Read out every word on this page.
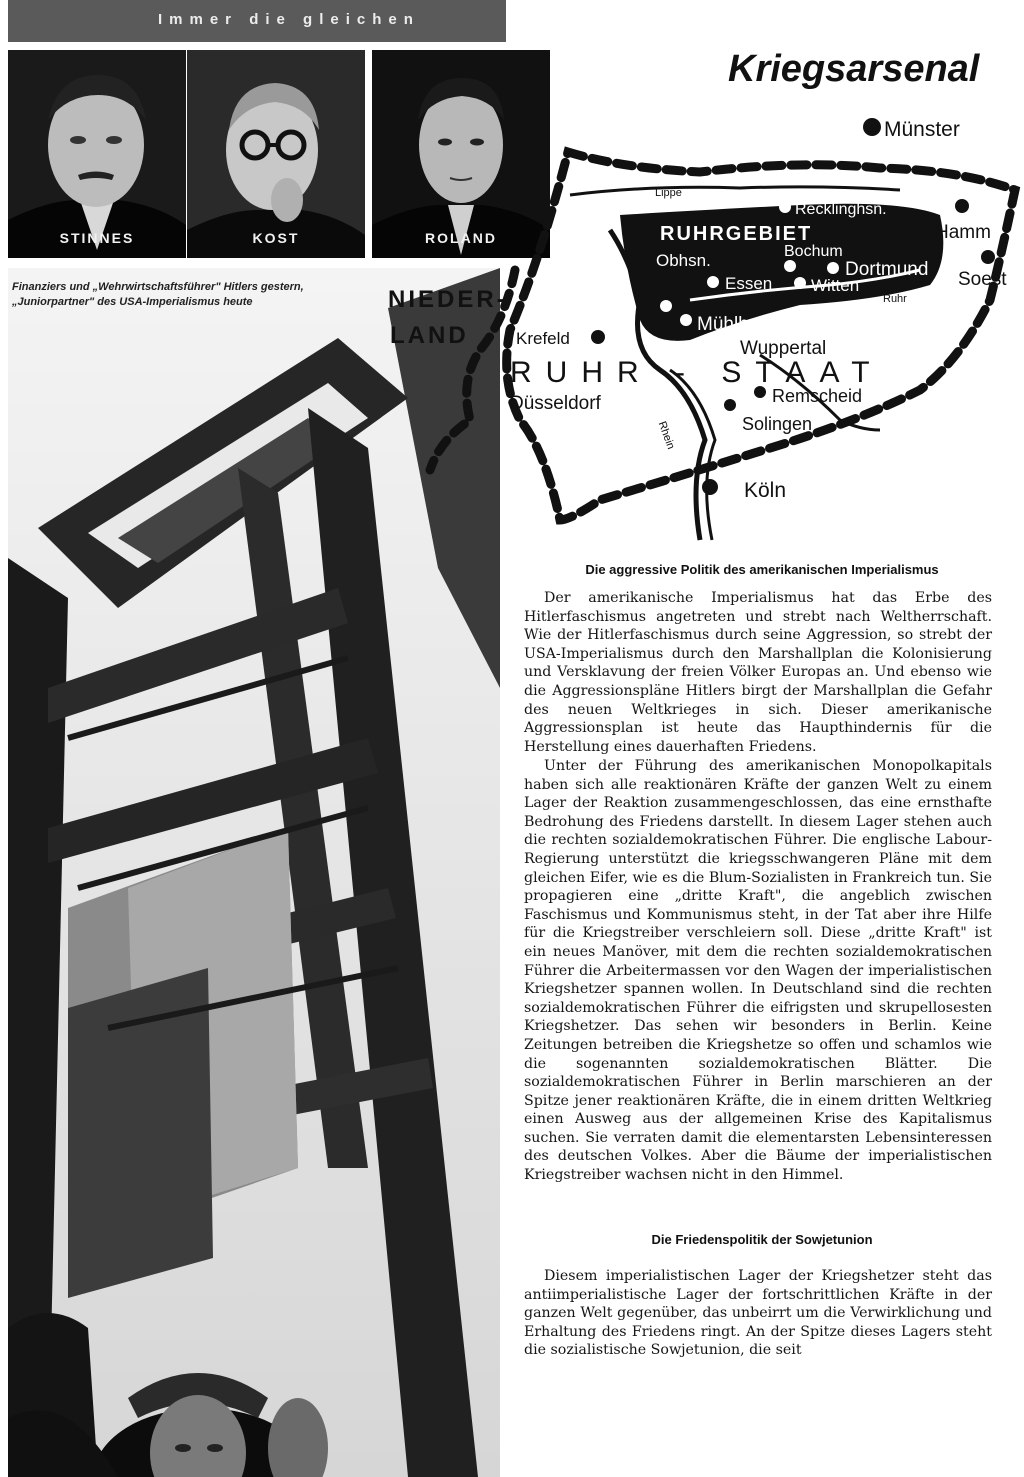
Immer die gleichen
STINNES	KOST	ROLAND
Finanziers und „Wehrwirtschaftsführer" Hitlers gestern,
„Juniorpartner" des USA-Imperialismus heute
Kriegsarsenal
Münster
NIEDER-
LAND
Lippe
Recklinghsn.
Hamm
RUHRGEBIET
Bochum
Dortmund Soest
Obhsn.
Essen Witten
Ruhr
Mühlheim
Krefeld	Wuppertal
RUHR - STAAT
Düsseldorf	Remscheid
Solingen
Rhein
Köln
Die aggressive Politik des amerikanischen Imperialismus

Der amerikanische Imperialismus hat das Erbe des Hitlerfaschismus angetreten und strebt nach Weltherrschaft. Wie der Hitlerfaschismus durch seine Aggression, so strebt der USA-Imperialismus durch den Marshallplan die Kolonisierung und Versklavung der freien Völker Europas an. Und ebenso wie die Aggressionspläne Hitlers birgt der Marshallplan die Gefahr des neuen Weltkrieges in sich. Dieser amerikanische Aggressionsplan ist heute das Haupthindernis für die Herstellung eines dauerhaften Friedens.

Unter der Führung des amerikanischen Monopolkapitals haben sich alle reaktionären Kräfte der ganzen Welt zu einem Lager der Reaktion zusammengeschlossen, das eine ernsthafte Bedrohung des Friedens darstellt. In diesem Lager stehen auch die rechten sozialdemokratischen Führer. Die englische Labour-Regierung unterstützt die kriegsschwangeren Pläne mit dem gleichen Eifer, wie es die Blum-Sozialisten in Frankreich tun. Sie propagieren eine „dritte Kraft", die angeblich zwischen Faschismus und Kommunismus steht, in der Tat aber ihre Hilfe für die Kriegstreiber verschleiern soll. Diese „dritte Kraft" ist ein neues Manöver, mit dem die rechten sozialdemokratischen Führer die Arbeitermassen vor den Wagen der imperialistischen Kriegshetzer spannen wollen. In Deutschland sind die rechten sozialdemokratischen Führer die eifrigsten und skrupellosesten Kriegshetzer. Das sehen wir besonders in Berlin. Keine Zeitungen betreiben die Kriegshetze so offen und schamlos wie die sogenannten sozialdemokratischen Blätter. Die sozialdemokratischen Führer in Berlin marschieren an der Spitze jener reaktionären Kräfte, die in einem dritten Weltkrieg einen Ausweg aus der allgemeinen Krise des Kapitalismus suchen. Sie verraten damit die elementarsten Lebensinteressen des deutschen Volkes. Aber die Bäume der imperialistischen Kriegstreiber wachsen nicht in den Himmel.

Die Friedenspolitik der Sowjetunion

Diesem imperialistischen Lager der Kriegshetzer steht das antiimperialistische Lager der fortschrittlichen Kräfte in der ganzen Welt gegenüber, das unbeirrt um die Verwirklichung und Erhaltung des Friedens ringt. An der Spitze dieses Lagers steht die sozialistische Sowjetunion, die seit
